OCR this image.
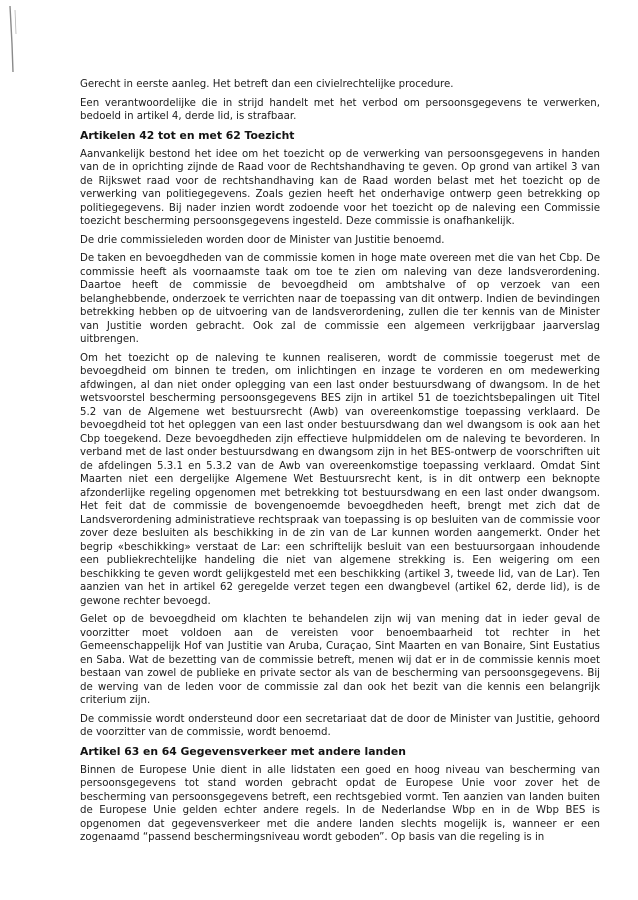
Gerecht in eerste aanleg. Het betreft dan een civielrechtelijke procedure.

Een verantwoordelijke die in strijd handelt met het verbod om persoonsgegevens te verwerken, bedoeld in artikel 4, derde lid, is strafbaar.

Artikelen 42 tot en met 62 Toezicht

Aanvankelijk bestond het idee om het toezicht op de verwerking van persoonsgegevens in handen van de in oprichting zijnde de Raad voor de Rechtshandhaving te geven. Op grond van artikel 3 van de Rijkswet raad voor de rechtshandhaving kan de Raad worden belast met het toezicht op de verwerking van politiegegevens. Zoals gezien heeft het onderhavige ontwerp geen betrekking op politiegegevens. Bij nader inzien wordt zodoende voor het toezicht op de naleving een Commissie toezicht bescherming persoonsgegevens ingesteld. Deze commissie is onafhankelijk.

De drie commissieleden worden door de Minister van Justitie benoemd.

De taken en bevoegdheden van de commissie komen in hoge mate overeen met die van het Cbp. De commissie heeft als voornaamste taak om toe te zien om naleving van deze landsverordening. Daartoe heeft de commissie de bevoegdheid om ambtshalve of op verzoek van een belanghebbende, onderzoek te verrichten naar de toepassing van dit ontwerp. Indien de bevindingen betrekking hebben op de uitvoering van de landsverordening, zullen die ter kennis van de Minister van Justitie worden gebracht. Ook zal de commissie een algemeen verkrijgbaar jaarverslag uitbrengen.

Om het toezicht op de naleving te kunnen realiseren, wordt de commissie toegerust met de bevoegdheid om binnen te treden, om inlichtingen en inzage te vorderen en om medewerking afdwingen, al dan niet onder oplegging van een last onder bestuursdwang of dwangsom. In de het wetsvoorstel bescherming persoonsgegevens BES zijn in artikel 51 de toezichtsbepalingen uit Titel 5.2 van de Algemene wet bestuursrecht (Awb) van overeenkomstige toepassing verklaard. De bevoegdheid tot het opleggen van een last onder bestuursdwang dan wel dwangsom is ook aan het Cbp toegekend. Deze bevoegdheden zijn effectieve hulpmiddelen om de naleving te bevorderen. In verband met de last onder bestuursdwang en dwangsom zijn in het BES-ontwerp de voorschriften uit de afdelingen 5.3.1 en 5.3.2 van de Awb van overeenkomstige toepassing verklaard. Omdat Sint Maarten niet een dergelijke Algemene Wet Bestuursrecht kent, is in dit ontwerp een beknopte afzonderlijke regeling opgenomen met betrekking tot bestuursdwang en een last onder dwangsom. Het feit dat de commissie de bovengenoemde bevoegdheden heeft, brengt met zich dat de Landsverordening administratieve rechtspraak van toepassing is op besluiten van de commissie voor zover deze besluiten als beschikking in de zin van de Lar kunnen worden aangemerkt. Onder het begrip «beschikking» verstaat de Lar: een schriftelijk besluit van een bestuursorgaan inhoudende een publiekrechtelijke handeling die niet van algemene strekking is. Een weigering om een beschikking te geven wordt gelijkgesteld met een beschikking (artikel 3, tweede lid, van de Lar). Ten aanzien van het in artikel 62 geregelde verzet tegen een dwangbevel (artikel 62, derde lid), is de gewone rechter bevoegd.

Gelet op de bevoegdheid om klachten te behandelen zijn wij van mening dat in ieder geval de voorzitter moet voldoen aan de vereisten voor benoembaarheid tot rechter in het Gemeenschappelijk Hof van Justitie van Aruba, Curaçao, Sint Maarten en van Bonaire, Sint Eustatius en Saba. Wat de bezetting van de commissie betreft, menen wij dat er in de commissie kennis moet bestaan van zowel de publieke en private sector als van de bescherming van persoonsgegevens. Bij de werving van de leden voor de commissie zal dan ook het bezit van die kennis een belangrijk criterium zijn.

De commissie wordt ondersteund door een secretariaat dat de door de Minister van Justitie, gehoord de voorzitter van de commissie, wordt benoemd.

Artikel 63 en 64 Gegevensverkeer met andere landen

Binnen de Europese Unie dient in alle lidstaten een goed en hoog niveau van bescherming van persoonsgegevens tot stand worden gebracht opdat de Europese Unie voor zover het de bescherming van persoonsgegevens betreft, een rechtsgebied vormt. Ten aanzien van landen buiten de Europese Unie gelden echter andere regels. In de Nederlandse Wbp en in de Wbp BES is opgenomen dat gegevensverkeer met die andere landen slechts mogelijk is, wanneer er een zogenaamd “passend beschermingsniveau wordt geboden”. Op basis van die regeling is in
